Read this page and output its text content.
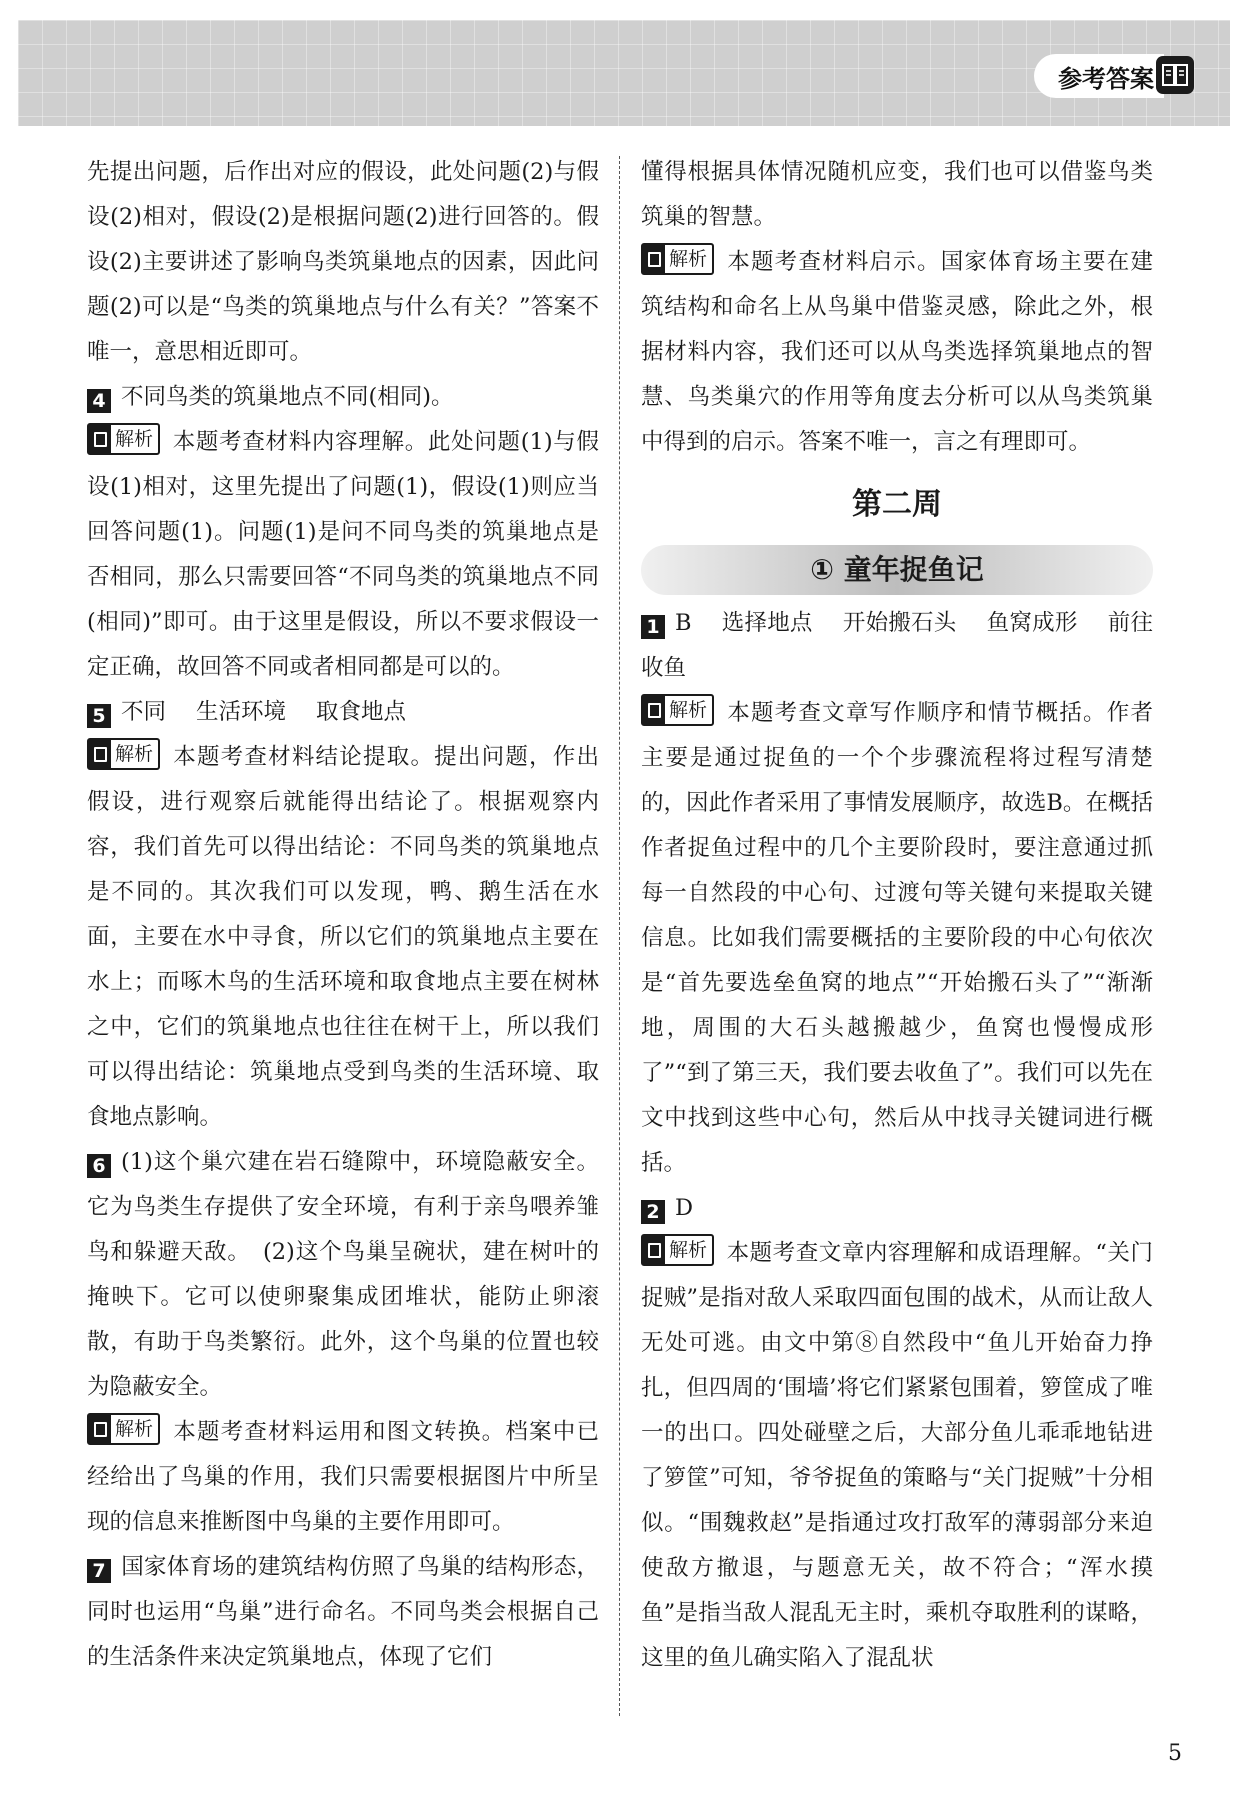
参考答案

先提出问题，后作出对应的假设，此处问题(2)与假设(2)相对，假设(2)是根据问题(2)进行回答的。假设(2)主要讲述了影响鸟类筑巢地点的因素，因此问题(2)可以是“鸟类的筑巢地点与什么有关？”答案不唯一，意思相近即可。

4 不同鸟类的筑巢地点不同(相同)。

解析 本题考查材料内容理解。此处问题(1)与假设(1)相对，这里先提出了问题(1)，假设(1)则应当回答问题(1)。问题(1)是问不同鸟类的筑巢地点是否相同，那么只需要回答“不同鸟类的筑巢地点不同(相同)”即可。由于这里是假设，所以不要求假设一定正确，故回答不同或者相同都是可以的。

5 不同 生活环境 取食地点

解析 本题考查材料结论提取。提出问题，作出假设，进行观察后就能得出结论了。根据观察内容，我们首先可以得出结论：不同鸟类的筑巢地点是不同的。其次我们可以发现，鸭、鹅生活在水面，主要在水中寻食，所以它们的筑巢地点主要在水上；而啄木鸟的生活环境和取食地点主要在树林之中，它们的筑巢地点也往往在树干上，所以我们可以得出结论：筑巢地点受到鸟类的生活环境、取食地点影响。

6 (1)这个巢穴建在岩石缝隙中，环境隐蔽安全。它为鸟类生存提供了安全环境，有利于亲鸟喂养雏鸟和躲避天敌。　(2)这个鸟巢呈碗状，建在树叶的掩映下。它可以使卵聚集成团堆状，能防止卵滚散，有助于鸟类繁衍。此外，这个鸟巢的位置也较为隐蔽安全。

解析 本题考查材料运用和图文转换。档案中已经给出了鸟巢的作用，我们只需要根据图片中所呈现的信息来推断图中鸟巢的主要作用即可。

7 国家体育场的建筑结构仿照了鸟巢的结构形态，同时也运用“鸟巢”进行命名。不同鸟类会根据自己的生活条件来决定筑巢地点，体现了它们

懂得根据具体情况随机应变，我们也可以借鉴鸟类筑巢的智慧。

解析 本题考查材料启示。国家体育场主要在建筑结构和命名上从鸟巢中借鉴灵感，除此之外，根据材料内容，我们还可以从鸟类选择筑巢地点的智慧、鸟类巢穴的作用等角度去分析可以从鸟类筑巢中得到的启示。答案不唯一，言之有理即可。

第二周
① 童年捉鱼记

1 B 选择地点 开始搬石头 鱼窝成形 前往收鱼

解析 本题考查文章写作顺序和情节概括。作者主要是通过捉鱼的一个个步骤流程将过程写清楚的，因此作者采用了事情发展顺序，故选B。在概括作者捉鱼过程中的几个主要阶段时，要注意通过抓每一自然段的中心句、过渡句等关键句来提取关键信息。比如我们需要概括的主要阶段的中心句依次是“首先要选垒鱼窝的地点”“开始搬石头了”“渐渐地，周围的大石头越搬越少，鱼窝也慢慢成形了”“到了第三天，我们要去收鱼了”。我们可以先在文中找到这些中心句，然后从中找寻关键词进行概括。

2 D

解析 本题考查文章内容理解和成语理解。“关门捉贼”是指对敌人采取四面包围的战术，从而让敌人无处可逃。由文中第⑧自然段中“鱼儿开始奋力挣扎，但四周的‘围墙’将它们紧紧包围着，箩筐成了唯一的出口。四处碰壁之后，大部分鱼儿乖乖地钻进了箩筐”可知，爷爷捉鱼的策略与“关门捉贼”十分相似。“围魏救赵”是指通过攻打敌军的薄弱部分来迫使敌方撤退，与题意无关，故不符合；“浑水摸鱼”是指当敌人混乱无主时，乘机夺取胜利的谋略，这里的鱼儿确实陷入了混乱状

5
